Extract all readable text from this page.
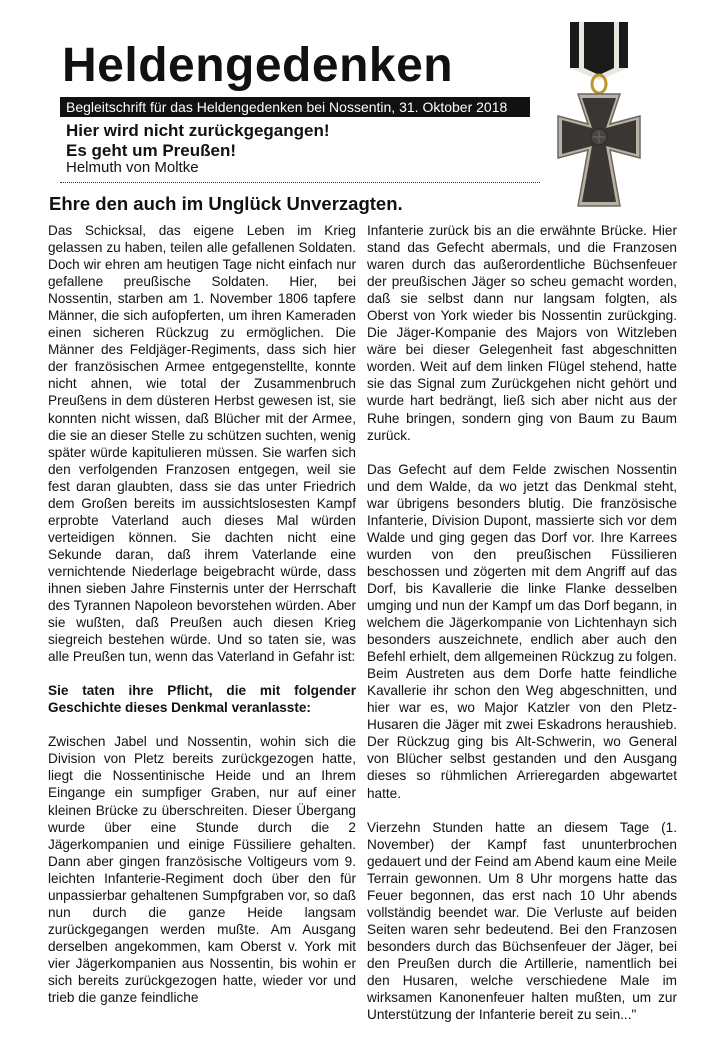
Heldengedenken
Begleitschrift für das Heldengedenken bei Nossentin, 31. Oktober 2018
Hier wird nicht zurückgegangen!
Es geht um Preußen!
Helmuth von Moltke
Ehre den auch im Unglück Unverzagten.

Das Schicksal, das eigene Leben im Krieg gelassen zu haben, teilen alle gefallenen Soldaten. Doch wir ehren am heutigen Tage nicht einfach nur gefallene preußische Soldaten. Hier, bei Nossentin, starben am 1. November 1806 tapfere Männer, die sich aufopferten, um ihren Kameraden einen sicheren Rückzug zu ermöglichen. Die Männer des Feldjäger-Regiments, dass sich hier der französischen Armee entgegenstellte, konnte nicht ahnen, wie total der Zusammenbruch Preußens in dem düsteren Herbst gewesen ist, sie konnten nicht wissen, daß Blücher mit der Armee, die sie an dieser Stelle zu schützen suchten, wenig später würde kapitulieren müssen. Sie warfen sich den verfolgenden Franzosen entgegen, weil sie fest daran glaubten, dass sie das unter Friedrich dem Großen bereits im aussichtslosesten Kampf erprobte Vaterland auch dieses Mal würden verteidigen können. Sie dachten nicht eine Sekunde daran, daß ihrem Vaterlande eine vernichtende Niederlage beigebracht würde, dass ihnen sieben Jahre Finsternis unter der Herrschaft des Tyrannen Napoleon bevorstehen würden. Aber sie wußten, daß Preußen auch diesen Krieg siegreich bestehen würde. Und so taten sie, was alle Preußen tun, wenn das Vaterland in Gefahr ist:

Sie taten ihre Pflicht, die mit folgender Geschichte dieses Denkmal veranlasste:

Zwischen Jabel und Nossentin, wohin sich die Division von Pletz bereits zurückgezogen hatte, liegt die Nossentinische Heide und an Ihrem Eingange ein sumpfiger Graben, nur auf einer kleinen Brücke zu überschreiten. Dieser Übergang wurde über eine Stunde durch die 2 Jägerkompanien und einige Füssiliere gehalten. Dann aber gingen französische Voltigeurs vom 9. leichten Infanterie-Regiment doch über den für unpassierbar gehaltenen Sumpfgraben vor, so daß nun durch die ganze Heide langsam zurückgegangen werden mußte. Am Ausgang derselben angekommen, kam Oberst v. York mit vier Jägerkompanien aus Nossentin, bis wohin er sich bereits zurückgezogen hatte, wieder vor und trieb die ganze feindliche

Infanterie zurück bis an die erwähnte Brücke. Hier stand das Gefecht abermals, und die Franzosen waren durch das außerordentliche Büchsenfeuer der preußischen Jäger so scheu gemacht worden, daß sie selbst dann nur langsam folgten, als Oberst von York wieder bis Nossentin zurückging. Die Jäger-Kompanie des Majors von Witzleben wäre bei dieser Gelegenheit fast abgeschnitten worden. Weit auf dem linken Flügel stehend, hatte sie das Signal zum Zurückgehen nicht gehört und wurde hart bedrängt, ließ sich aber nicht aus der Ruhe bringen, sondern ging von Baum zu Baum zurück.

Das Gefecht auf dem Felde zwischen Nossentin und dem Walde, da wo jetzt das Denkmal steht, war übrigens besonders blutig. Die französische Infanterie, Division Dupont, massierte sich vor dem Walde und ging gegen das Dorf vor. Ihre Karrees wurden von den preußischen Füssilieren beschossen und zögerten mit dem Angriff auf das Dorf, bis Kavallerie die linke Flanke desselben umging und nun der Kampf um das Dorf begann, in welchem die Jägerkompanie von Lichtenhayn sich besonders auszeichnete, endlich aber auch den Befehl erhielt, dem allgemeinen Rückzug zu folgen. Beim Austreten aus dem Dorfe hatte feindliche Kavallerie ihr schon den Weg abgeschnitten, und hier war es, wo Major Katzler von den Pletz-Husaren die Jäger mit zwei Eskadrons heraushieb. Der Rückzug ging bis Alt-Schwerin, wo General von Blücher selbst gestanden und den Ausgang dieses so rühmlichen Arrieregarden abgewartet hatte.

Vierzehn Stunden hatte an diesem Tage (1. November) der Kampf fast ununterbrochen gedauert und der Feind am Abend kaum eine Meile Terrain gewonnen. Um 8 Uhr morgens hatte das Feuer begonnen, das erst nach 10 Uhr abends vollständig beendet war. Die Verluste auf beiden Seiten waren sehr bedeutend. Bei den Franzosen besonders durch das Büchsenfeuer der Jäger, bei den Preußen durch die Artillerie, namentlich bei den Husaren, welche verschiedene Male im wirksamen Kanonenfeuer halten mußten, um zur Unterstützung der Infanterie bereit zu sein..."
